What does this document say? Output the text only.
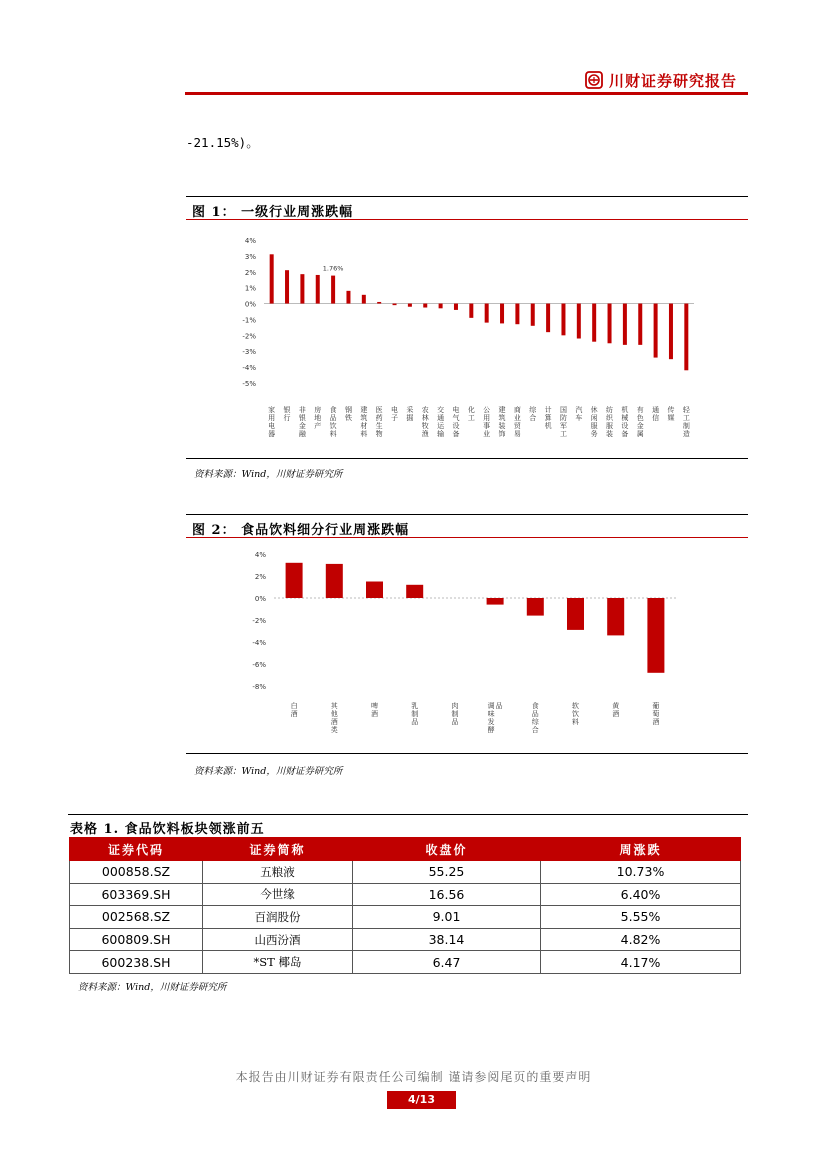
川财证券研究报告
-21.15%)。
图 1： 一级行业周涨跌幅
4%
3%
2%
1%
0%
-1%
-2%
-3%
-4%
-5%
家用电器
银行
非银金融
房地产
食品饮料
钢铁
建筑材料
医药生物
电子
采掘
农林牧渔
交通运输
电气设备
化工
公用事业
建筑装饰
商业贸易
综合
计算机
国防军工
汽车
休闲服务
纺织服装
机械设备
有色金属
通信
传媒
轻工制造
1.76%
资料来源：Wind，川财证券研究所
图 2： 食品饮料细分行业周涨跌幅
4%
2%
0%
-2%
-4%
-6%
-8%
白酒
其他酒类
啤酒
乳制品
肉制品
调味发酵品	食品综合
软饮料
黄酒
葡萄酒
资料来源：Wind，川财证券研究所
表格 1. 食品饮料板块领涨前五
证券代码	证券简称	收盘价	周涨跌
000858.SZ	五粮液	55.25	10.73%
603369.SH	今世缘	16.56	6.40%
002568.SZ	百润股份	9.01	5.55%
600809.SH	山西汾酒	38.14	4.82%
600238.SH	*ST 椰岛	6.47	4.17%
资料来源：Wind，川财证券研究所
本报告由川财证券有限责任公司编制 谨请参阅尾页的重要声明
4/13
